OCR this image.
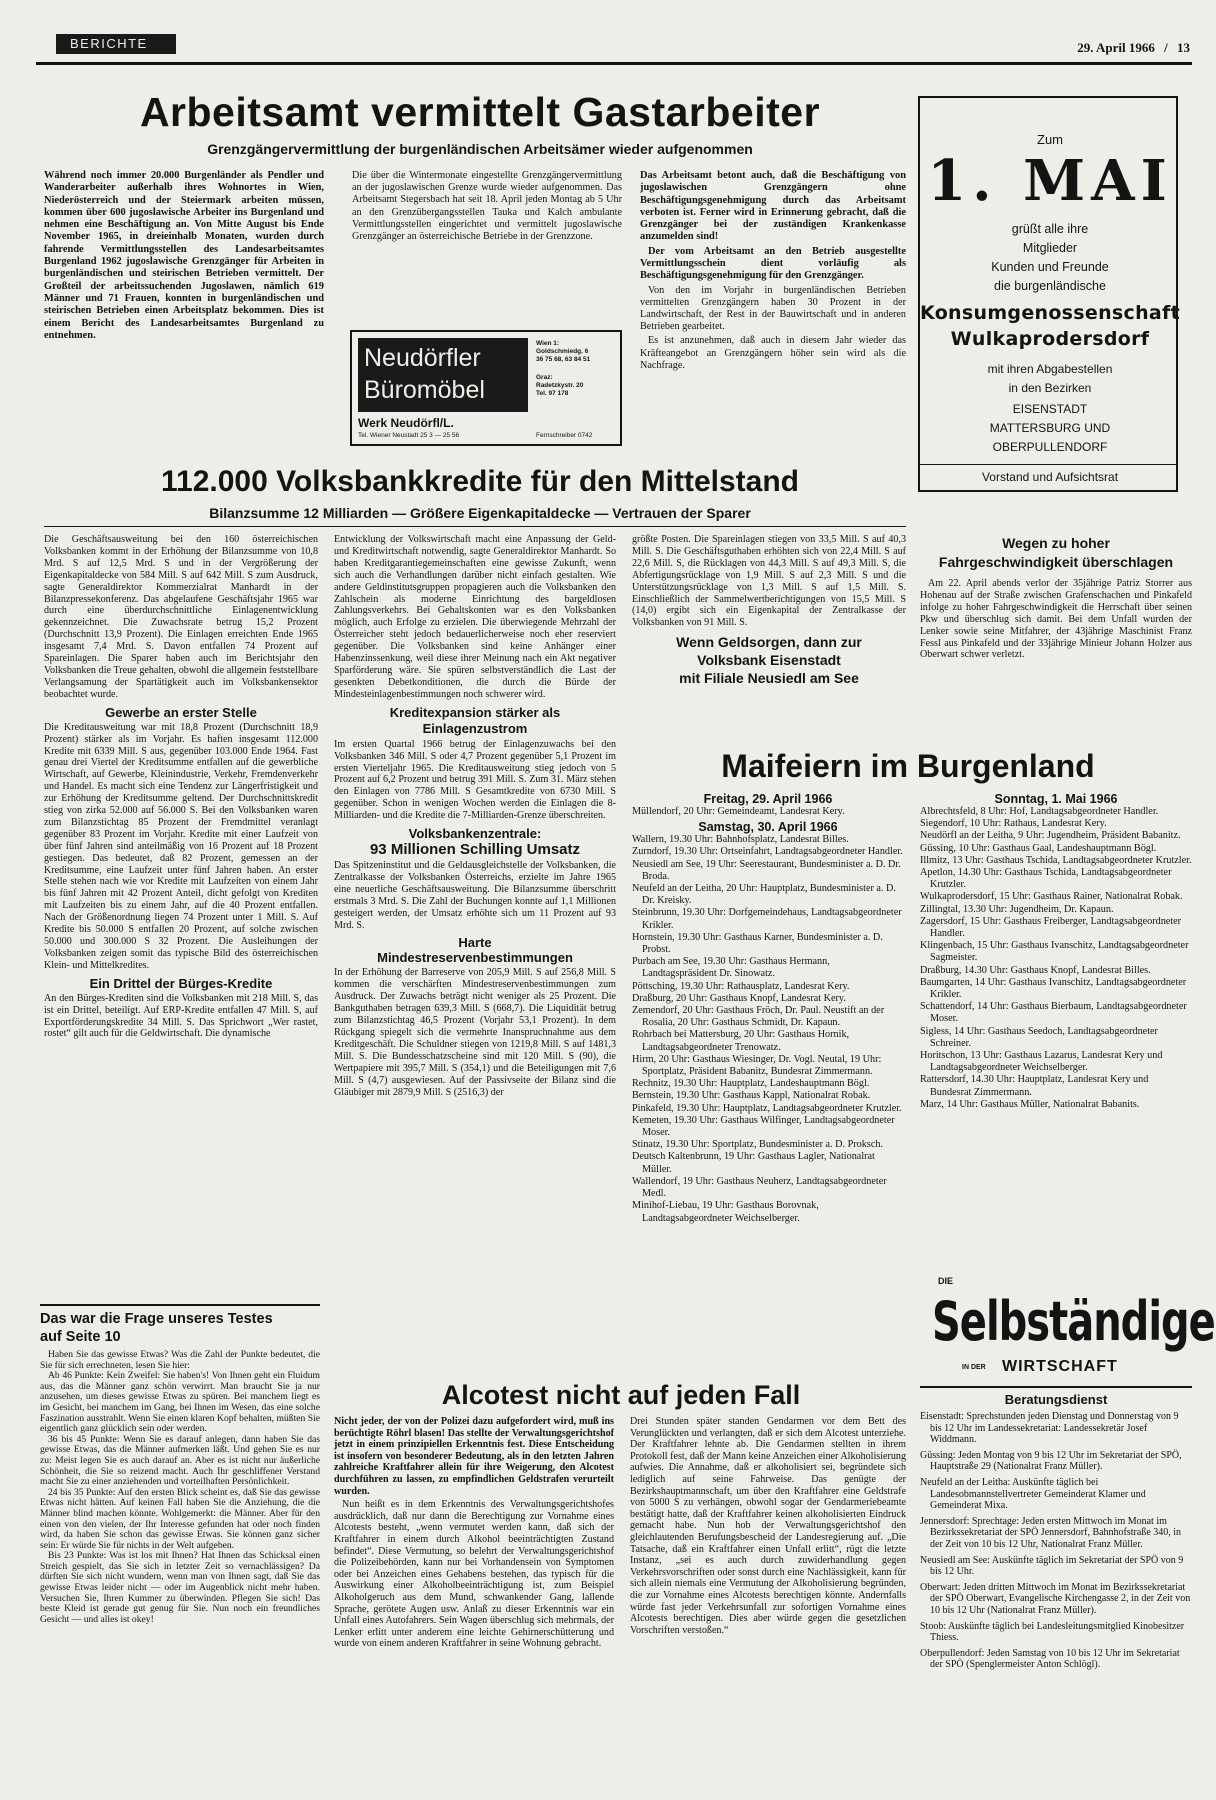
BERICHTE	29. April 1966 / 13
Arbeitsamt vermittelt Gastarbeiter
Grenzgängervermittlung der burgenländischen Arbeitsämer wieder aufgenommen
Während noch immer 20.000 Burgenländer als Pendler und Wanderarbeiter außerhalb ihres Wohnortes in Wien, Niederösterreich und der Steiermark arbeiten müssen, kommen über 600 jugoslawische Arbeiter ins Burgenland und nehmen eine Beschäftigung an. Von Mitte August bis Ende November 1965, in dreieinhalb Monaten, wurden durch fahrende Vermittlungsstellen des Landesarbeitsamtes Burgenland 1962 jugoslawische Grenzgänger für Arbeiten in burgenländischen und steirischen Betrieben vermittelt. Der Großteil der arbeitssuchenden Jugoslawen, nämlich 619 Männer und 71 Frauen, konnten in burgenländischen und steirischen Betrieben einen Arbeitsplatz bekommen. Dies ist einem Bericht des Landesarbeitsamtes Burgenland zu entnehmen.
Die über die Wintermonate eingestellte Grenzgängervermittlung an der jugoslawischen Grenze wurde wieder aufgenommen. Das Arbeitsamt Stegersbach hat seit 18. April jeden Montag ab 5 Uhr an den Grenzübergangsstellen Tauka und Kalch ambulante Vermittlungsstellen eingerichtet und vermittelt jugoslawische Grenzgänger an österreichische Betriebe in der Grenzzone.
Neudörfler
Büromöbel
Wien 1:
Goldschmiedg. 6
36 75 68, 63 84 51
Graz:
Radetzkystr. 20
Tel. 97 178
Werk Neudörfl/L.
Tel. Wiener Neustadt 25 3 — 25 56	Fernschreiber 0742
Das Arbeitsamt betont auch, daß die Beschäftigung von jugoslawischen Grenzgängern ohne Beschäftigungsgenehmigung durch das Arbeitsamt verboten ist. Ferner wird in Erinnerung gebracht, daß die Grenzgänger bei der zuständigen Krankenkasse anzumelden sind!
Der vom Arbeitsamt an den Betrieb ausgestellte Vermittlungsschein dient vorläufig als Beschäftigungsgenehmigung für den Grenzgänger.
Von den im Vorjahr in burgenländischen Betrieben vermittelten Grenzgängern haben 30 Prozent in der Landwirtschaft, der Rest in der Bauwirtschaft und in anderen Betrieben gearbeitet.
Es ist anzunehmen, daß auch in diesem Jahr wieder das Kräfteangebot an Grenzgängern höher sein wird als die Nachfrage.
Zum
1. MAI
grüßt alle ihre
Mitglieder
Kunden und Freunde
die burgenländische
Konsumgenossenschaft
Wulkaprodersdorf
mit ihren Abgabestellen
in den Bezirken
EISENSTADT
MATTERSBURG UND
OBERPULLENDORF
Vorstand und Aufsichtsrat
112.000 Volksbankkredite für den Mittelstand
Bilanzsumme 12 Milliarden — Größere Eigenkapitaldecke — Vertrauen der Sparer
Die Geschäftsausweitung bei den 160 österreichischen Volksbanken kommt in der Erhöhung der Bilanzsumme von 10,8 Mrd. S auf 12,5 Mrd. S und in der Vergrößerung der Eigenkapitaldecke von 584 Mill. S auf 642 Mill. S zum Ausdruck, sagte Generaldirektor Kommerzialrat Manhardt in der Bilanzpressekonferenz. Das abgelaufene Geschäftsjahr 1965 war durch eine überdurchschnittliche Einlagenentwicklung gekennzeichnet. Die Zuwachsrate betrug 15,2 Prozent (Durchschnitt 13,9 Prozent). Die Einlagen erreichten Ende 1965 insgesamt 7,4 Mrd. S. Davon entfallen 74 Prozent auf Spareinlagen. Die Sparer haben auch im Berichtsjahr den Volksbanken die Treue gehalten, obwohl die allgemein feststellbare Verlangsamung der Spartätigkeit auch im Volksbankensektor beobachtet wurde.
Gewerbe an erster Stelle
Die Kreditausweitung war mit 18,8 Prozent (Durchschnitt 18,9 Prozent) stärker als im Vorjahr. Es haften insgesamt 112.000 Kredite mit 6339 Mill. S aus, gegenüber 103.000 Ende 1964. Fast genau drei Viertel der Kreditsumme entfallen auf die gewerbliche Wirtschaft, auf Gewerbe, Kleinindustrie, Verkehr, Fremdenverkehr und Handel. Es macht sich eine Tendenz zur Längerfristigkeit und zur Erhöhung der Kreditsumme geltend. Der Durchschnittskredit stieg von zirka 52.000 auf 56.000 S. Bei den Volksbanken waren zum Bilanzstichtag 85 Prozent der Fremdmittel veranlagt gegenüber 83 Prozent im Vorjahr. Kredite mit einer Laufzeit von über fünf Jahren sind anteilmäßig von 16 Prozent auf 18 Prozent gestiegen. Das bedeutet, daß 82 Prozent, gemessen an der Kreditsumme, eine Laufzeit unter fünf Jahren haben. An erster Stelle stehen nach wie vor Kredite mit Laufzeiten von einem Jahr bis fünf Jahren mit 42 Prozent Anteil, dicht gefolgt von Krediten mit Laufzeiten bis zu einem Jahr, auf die 40 Prozent entfallen. Nach der Größenordnung liegen 74 Prozent unter 1 Mill. S. Auf Kredite bis 50.000 S entfallen 20 Prozent, auf solche zwischen 50.000 und 300.000 S 32 Prozent. Die Ausleihungen der Volksbanken zeigen somit das typische Bild des österreichischen Klein- und Mittelkredites.
Ein Drittel der Bürges-Kredite
An den Bürges-Krediten sind die Volksbanken mit 218 Mill. S, das ist ein Drittel, beteiligt. Auf ERP-Kredite entfallen 47 Mill. S, auf Exportförderungskredite 34 Mill. S. Das Sprichwort „Wer rastet, rostet“ gilt auch für die Geldwirtschaft. Die dynamische
Entwicklung der Volkswirtschaft macht eine Anpassung der Geld- und Kreditwirtschaft notwendig, sagte Generaldirektor Manhardt. So haben Kreditgarantiegemeinschaften eine gewisse Zukunft, wenn sich auch die Verhandlungen darüber nicht einfach gestalten. Wie andere Geldinstitutsgruppen propagieren auch die Volksbanken den Zahlschein als moderne Einrichtung des bargeldlosen Zahlungsverkehrs. Bei Gehaltskonten war es den Volksbanken möglich, auch Erfolge zu erzielen. Die überwiegende Mehrzahl der Österreicher steht jedoch bedauerlicherweise noch eher reserviert gegenüber. Die Volksbanken sind keine Anhänger einer Habenzinssenkung, weil diese ihrer Meinung nach ein Akt negativer Sparförderung wäre. Sie spüren selbstverständlich die Last der gesenkten Debetkonditionen, die durch die Bürde der Mindesteinlagenbestimmungen noch schwerer wird.
Kreditexpansion stärker als Einlagenzustrom
Im ersten Quartal 1966 betrug der Einlagenzuwachs bei den Volksbanken 346 Mill. S oder 4,7 Prozent gegenüber 5,1 Prozent im ersten Vierteljahr 1965. Die Kreditausweitung stieg jedoch von 5 Prozent auf 6,2 Prozent und betrug 391 Mill. S. Zum 31. März stehen den Einlagen von 7786 Mill. S Gesamtkredite von 6730 Mill. S gegenüber. Schon in wenigen Wochen werden die Einlagen die 8-Milliarden- und die Kredite die 7-Milliarden-Grenze überschreiten.
Volksbankenzentrale:
93 Millionen Schilling Umsatz
Das Spitzeninstitut und die Geldausgleichstelle der Volksbanken, die Zentralkasse der Volksbanken Österreichs, erzielte im Jahre 1965 eine neuerliche Geschäftsausweitung. Die Bilanzsumme überschritt erstmals 3 Mrd. S. Die Zahl der Buchungen konnte auf 1,1 Millionen gesteigert werden, der Umsatz erhöhte sich um 11 Prozent auf 93 Mrd. S.
Harte
Mindestreservenbestimmungen
In der Erhöhung der Barreserve von 205,9 Mill. S auf 256,8 Mill. S kommen die verschärften Mindestreservenbestimmungen zum Ausdruck. Der Zuwachs beträgt nicht weniger als 25 Prozent. Die Bankguthaben betragen 639,3 Mill. S (668,7). Die Liquidität betrug zum Bilanzstichtag 46,5 Prozent (Vorjahr 53,1 Prozent). In dem Rückgang spiegelt sich die vermehrte Inanspruchnahme aus dem Kreditgeschäft. Die Schuldner stiegen von 1219,8 Mill. S auf 1481,3 Mill. S. Die Bundesschatzscheine sind mit 120 Mill. S (90), die Wertpapiere mit 395,7 Mill. S (354,1) und die Beteiligungen mit 7,6 Mill. S (4,7) ausgewiesen. Auf der Passivseite der Bilanz sind die Gläubiger mit 2879,9 Mill. S (2516,3) der
größte Posten. Die Spareinlagen stiegen von 33,5 Mill. S auf 40,3 Mill. S. Die Geschäftsguthaben erhöhten sich von 22,4 Mill. S auf 22,6 Mill. S, die Rücklagen von 44,3 Mill. S auf 49,3 Mill. S, die Abfertigungsrücklage von 1,9 Mill. S auf 2,3 Mill. S und die Unterstützungsrücklage von 1,3 Mill. S auf 1,5 Mill. S. Einschließlich der Sammelwertberichtigungen von 15,5 Mill. S (14,0) ergibt sich ein Eigenkapital der Zentralkasse der Volksbanken von 91 Mill. S.
Wenn Geldsorgen, dann zur
Volksbank Eisenstadt
mit Filiale Neusiedl am See
Wegen zu hoher
Fahrgeschwindigkeit überschlagen
Am 22. April abends verlor der 35jährige Patriz Storrer aus Hohenau auf der Straße zwischen Grafenschachen und Pinkafeld infolge zu hoher Fahrgeschwindigkeit die Herrschaft über seinen Pkw und überschlug sich damit. Bei dem Unfall wurden der Lenker sowie seine Mitfahrer, der 43jährige Maschinist Franz Fessl aus Pinkafeld und der 33jährige Minieur Johann Holzer aus Oberwart schwer verletzt.
Maifeiern im Burgenland
Freitag, 29. April 1966
Müllendorf, 20 Uhr: Gemeindeamt, Landesrat Kery.
Samstag, 30. April 1966
Wallern, 19.30 Uhr: Bahnhofsplatz, Landesrat Billes.
Zurndorf, 19.30 Uhr: Ortseinfahrt, Landtagsabgeordneter Handler.
Neusiedl am See, 19 Uhr: Seerestaurant, Bundesminister a. D. Dr. Broda.
Neufeld an der Leitha, 20 Uhr: Hauptplatz, Bundesminister a. D. Dr. Kreisky.
Steinbrunn, 19.30 Uhr: Dorfgemeindehaus, Landtagsabgeordneter Krikler.
Hornstein, 19.30 Uhr: Gasthaus Karner, Bundesminister a. D. Probst.
Purbach am See, 19.30 Uhr: Gasthaus Hermann, Landtagspräsident Dr. Sinowatz.
Pöttsching, 19.30 Uhr: Rathausplatz, Landesrat Kery.
Draßburg, 20 Uhr: Gasthaus Knopf, Landesrat Kery.
Zemendorf, 20 Uhr: Gasthaus Fröch, Dr. Paul. Neustift an der Rosalia, 20 Uhr: Gasthaus Schmidt, Dr. Kapaun.
Rohrbach bei Mattersburg, 20 Uhr: Gasthaus Hornik, Landtagsabgeordneter Trenowatz.
Hirm, 20 Uhr: Gasthaus Wiesinger, Dr. Vogl. Neutal, 19 Uhr: Sportplatz, Präsident Babanitz, Bundesrat Zimmermann.
Rechnitz, 19.30 Uhr: Hauptplatz, Landeshauptmann Bögl.
Bernstein, 19.30 Uhr: Gasthaus Kappl, Nationalrat Robak.
Pinkafeld, 19.30 Uhr: Hauptplatz, Landtagsabgeordneter Krutzler.
Kemeten, 19.30 Uhr: Gasthaus Wilfinger, Landtagsabgeordneter Moser.
Stinatz, 19.30 Uhr: Sportplatz, Bundesminister a. D. Proksch.
Deutsch Kaltenbrunn, 19 Uhr: Gasthaus Lagler, Nationalrat Müller.
Wallendorf, 19 Uhr: Gasthaus Neuherz, Landtagsabgeordneter Medl.
Minihof-Liebau, 19 Uhr: Gasthaus Borovnak, Landtagsabgeordneter Weichselberger.
Sonntag, 1. Mai 1966
Albrechtsfeld, 8 Uhr: Hof, Landtagsabgeordneter Handler.
Siegendorf, 10 Uhr: Rathaus, Landesrat Kery.
Neudörfl an der Leitha, 9 Uhr: Jugendheim, Präsident Babanitz.
Güssing, 10 Uhr: Gasthaus Gaal, Landeshauptmann Bögl.
Illmitz, 13 Uhr: Gasthaus Tschida, Landtagsabgeordneter Krutzler.
Apetlon, 14.30 Uhr: Gasthaus Tschida, Landtagsabgeordneter Krutzler.
Wulkaprodersdorf, 15 Uhr: Gasthaus Rainer, Nationalrat Robak.
Zillingtal, 13.30 Uhr: Jugendheim, Dr. Kapaun.
Zagersdorf, 15 Uhr: Gasthaus Freiberger, Landtagsabgeordneter Handler.
Klingenbach, 15 Uhr: Gasthaus Ivanschitz, Landtagsabgeordneter Sagmeister.
Draßburg, 14.30 Uhr: Gasthaus Knopf, Landesrat Billes.
Baumgarten, 14 Uhr: Gasthaus Ivanschitz, Landtagsabgeordneter Krikler.
Schattendorf, 14 Uhr: Gasthaus Bierbaum, Landtagsabgeordneter Moser.
Sigless, 14 Uhr: Gasthaus Seedoch, Landtagsabgeordneter Schreiner.
Horitschon, 13 Uhr: Gasthaus Lazarus, Landesrat Kery und Landtagsabgeordneter Weichselberger.
Rattersdorf, 14.30 Uhr: Hauptplatz, Landesrat Kery und Bundesrat Zimmermann.
Marz, 14 Uhr: Gasthaus Müller, Nationalrat Babanits.
Das war die Frage unseres Testes
auf Seite 10
Haben Sie das gewisse Etwas? Was die Zahl der Punkte bedeutet, die Sie für sich errechneten, lesen Sie hier:
Ab 46 Punkte: Kein Zweifel: Sie haben's! Von Ihnen geht ein Fluidum aus, das die Männer ganz schön verwirrt. Man braucht Sie ja nur anzusehen, um dieses gewisse Etwas zu spüren. Bei manchem liegt es im Gesicht, bei manchem im Gang, bei Ihnen im Wesen, das eine solche Faszination ausstrahlt. Wenn Sie einen klaren Kopf behalten, müßten Sie eigentlich ganz glücklich sein oder werden.
36 bis 45 Punkte: Wenn Sie es darauf anlegen, dann haben Sie das gewisse Etwas, das die Männer aufmerken läßt. Und gehen Sie es nur zu: Meist legen Sie es auch darauf an. Aber es ist nicht nur äußerliche Schönheit, die Sie so reizend macht. Auch Ihr geschliffener Verstand macht Sie zu einer anziehenden und vorteilhaften Persönlichkeit.
24 bis 35 Punkte: Auf den ersten Blick scheint es, daß Sie das gewisse Etwas nicht hätten. Auf keinen Fall haben Sie die Anziehung, die die Männer blind machen könnte. Wohlgemerkt: die Männer. Aber für den einen von den vielen, der Ihr Interesse gefunden hat oder noch finden wird, da haben Sie schon das gewisse Etwas. Sie können ganz sicher sein: Er würde Sie für nichts in der Welt aufgeben.
Bis 23 Punkte: Was ist los mit Ihnen? Hat Ihnen das Schicksal einen Streich gespielt, das Sie sich in letzter Zeit so vernachlässigen? Da dürften Sie sich nicht wundern, wenn man von Ihnen sagt, daß Sie das gewisse Etwas leider nicht — oder im Augenblick nicht mehr haben. Versuchen Sie, Ihren Kummer zu überwinden. Pflegen Sie sich! Das beste Kleid ist gerade gut genug für Sie. Nun noch ein freundliches Gesicht — und alles ist okey!
Alcotest nicht auf jeden Fall
Nicht jeder, der von der Polizei dazu aufgefordert wird, muß ins berüchtigte Röhrl blasen! Das stellte der Verwaltungsgerichtshof jetzt in einem prinzipiellen Erkenntnis fest. Diese Entscheidung ist insofern von besonderer Bedeutung, als in den letzten Jahren zahlreiche Kraftfahrer allein für ihre Weigerung, den Alcotest durchführen zu lassen, zu empfindlichen Geldstrafen verurteilt wurden.
Nun heißt es in dem Erkenntnis des Verwaltungsgerichtshofes ausdrücklich, daß nur dann die Berechtigung zur Vornahme eines Alcotests besteht, „wenn vermutet werden kann, daß sich der Kraftfahrer in einem durch Alkohol beeinträchtigten Zustand befindet“. Diese Vermutung, so belehrt der Verwaltungsgerichtshof die Polizeibehörden, kann nur bei Vorhandensein von Symptomen oder bei Anzeichen eines Gehabens bestehen, das typisch für die Auswirkung einer Alkoholbeeinträchtigung ist, zum Beispiel Alkoholgeruch aus dem Mund, schwankender Gang, lallende Sprache, gerötete Augen usw. Anlaß zu dieser Erkenntnis war ein Unfall eines Autofahrers. Sein Wagen überschlug sich mehrmals, der Lenker erlitt unter anderem eine leichte Gehirnerschütterung und wurde von einem anderen Kraftfahrer in seine Wohnung gebracht.
Drei Stunden später standen Gendarmen vor dem Bett des Verunglückten und verlangten, daß er sich dem Alcotest unterziehe. Der Kraftfahrer lehnte ab. Die Gendarmen stellten in ihrem Protokoll fest, daß der Mann keine Anzeichen einer Alkoholisierung aufwies. Die Annahme, daß er alkoholisiert sei, begründete sich lediglich auf seine Fahrweise. Das genügte der Bezirkshauptmannschaft, um über den Kraftfahrer eine Geldstrafe von 5000 S zu verhängen, obwohl sogar der Gendarmeriebeamte bestätigt hatte, daß der Kraftfahrer keinen alkoholisierten Eindruck gemacht habe. Nun hob der Verwaltungsgerichtshof den gleichlautenden Berufungsbescheid der Landesregierung auf. „Die Tatsache, daß ein Kraftfahrer einen Unfall erlitt“, rügt die letzte Instanz, „sei es auch durch zuwiderhandlung gegen Verkehrsvorschriften oder sonst durch eine Nachlässigkeit, kann für sich allein niemals eine Vermutung der Alkoholisierung begründen, die zur Vornahme eines Alcotests berechtigen könnte. Andernfalls würde fast jeder Verkehrsunfall zur sofortigen Vornahme eines Alcotests berechtigen. Dies aber würde gegen die gesetzlichen Vorschriften verstoßen.“
DIE
Selbständige
IN DER WIRTSCHAFT
Beratungsdienst
Eisenstadt: Sprechstunden jeden Dienstag und Donnerstag von 9 bis 12 Uhr im Landessekretariat: Landessekretär Josef Widdmann.
Güssing: Jeden Montag von 9 bis 12 Uhr im Sekretariat der SPÖ, Hauptstraße 29 (Nationalrat Franz Müller).
Neufeld an der Leitha: Auskünfte täglich bei Landesobmannstellvertreter Gemeinderat Klamer und Gemeinderat Mixa.
Jennersdorf: Sprechtage: Jeden ersten Mittwoch im Monat im Bezirkssekretariat der SPÖ Jennersdorf, Bahnhofstraße 340, in der Zeit von 10 bis 12 Uhr, Nationalrat Franz Müller.
Neusiedl am See: Auskünfte täglich im Sekretariat der SPÖ von 9 bis 12 Uhr.
Oberwart: Jeden dritten Mittwoch im Monat im Bezirkssekretariat der SPÖ Oberwart, Evangelische Kirchengasse 2, in der Zeit von 10 bis 12 Uhr (Nationalrat Franz Müller).
Stoob: Auskünfte täglich bei Landesleitungsmitglied Kinobesitzer Thiess.
Oberpullendorf: Jeden Samstag von 10 bis 12 Uhr im Sekretariat der SPÖ (Spenglermeister Anton Schlögl).
